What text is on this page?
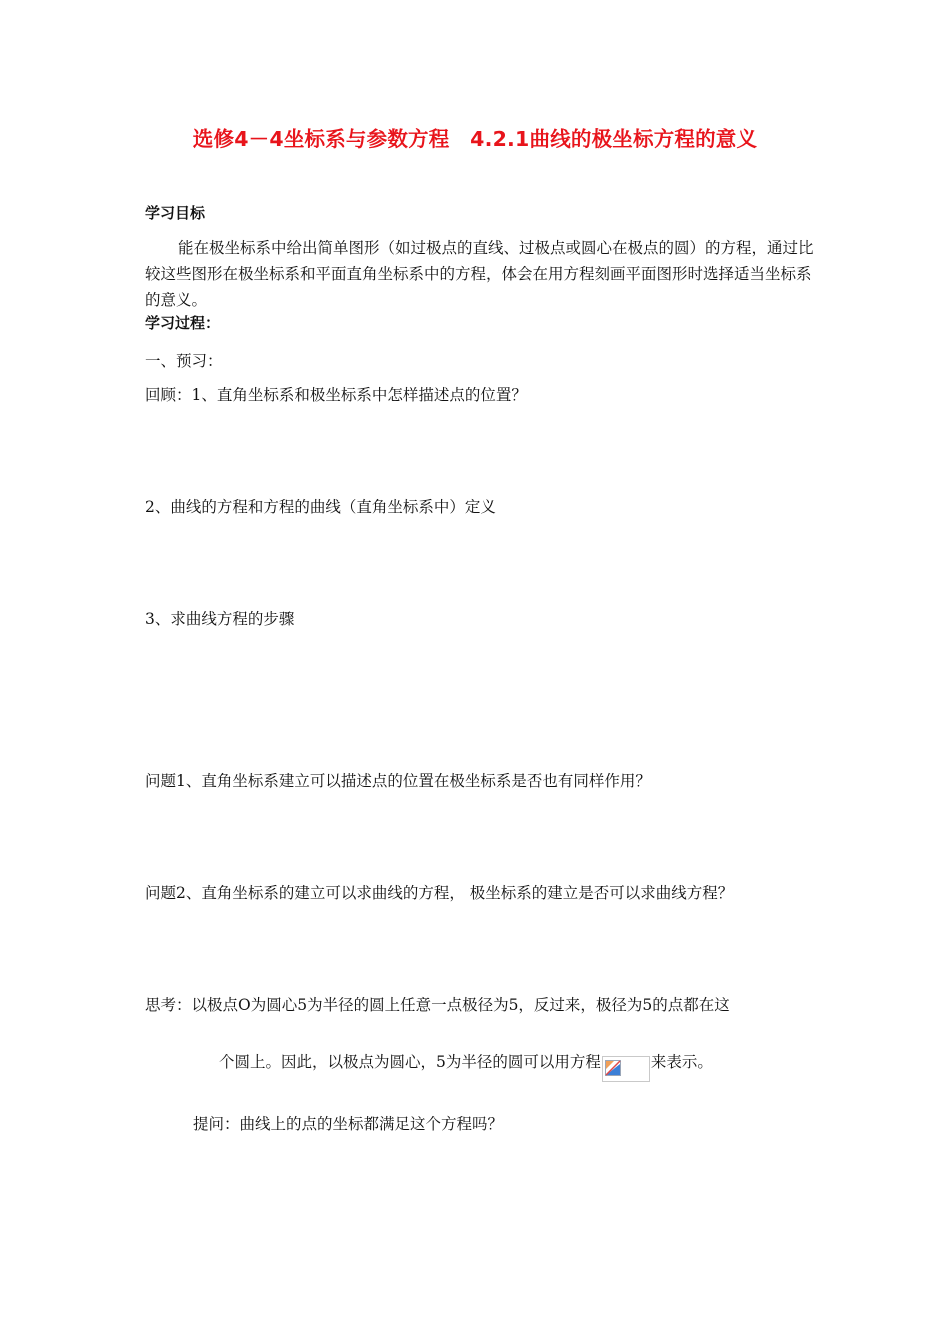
选修4－4坐标系与参数方程　4.2.1曲线的极坐标方程的意义
学习目标
能在极坐标系中给出简单图形（如过极点的直线、过极点或圆心在极点的圆）的方程，通过比较这些图形在极坐标系和平面直角坐标系中的方程，体会在用方程刻画平面图形时选择适当坐标系的意义。
学习过程：
一、预习：
回顾：1、直角坐标系和极坐标系中怎样描述点的位置？
2、曲线的方程和方程的曲线（直角坐标系中）定义
3、求曲线方程的步骤
问题1、直角坐标系建立可以描述点的位置在极坐标系是否也有同样作用？
问题2、直角坐标系的建立可以求曲线的方程， 极坐标系的建立是否可以求曲线方程？
思考：以极点O为圆心5为半径的圆上任意一点极径为5，反过来，极径为5的点都在这
个圆上。因此，以极点为圆心，5为半径的圆可以用方程	来表示。
提问：曲线上的点的坐标都满足这个方程吗？
